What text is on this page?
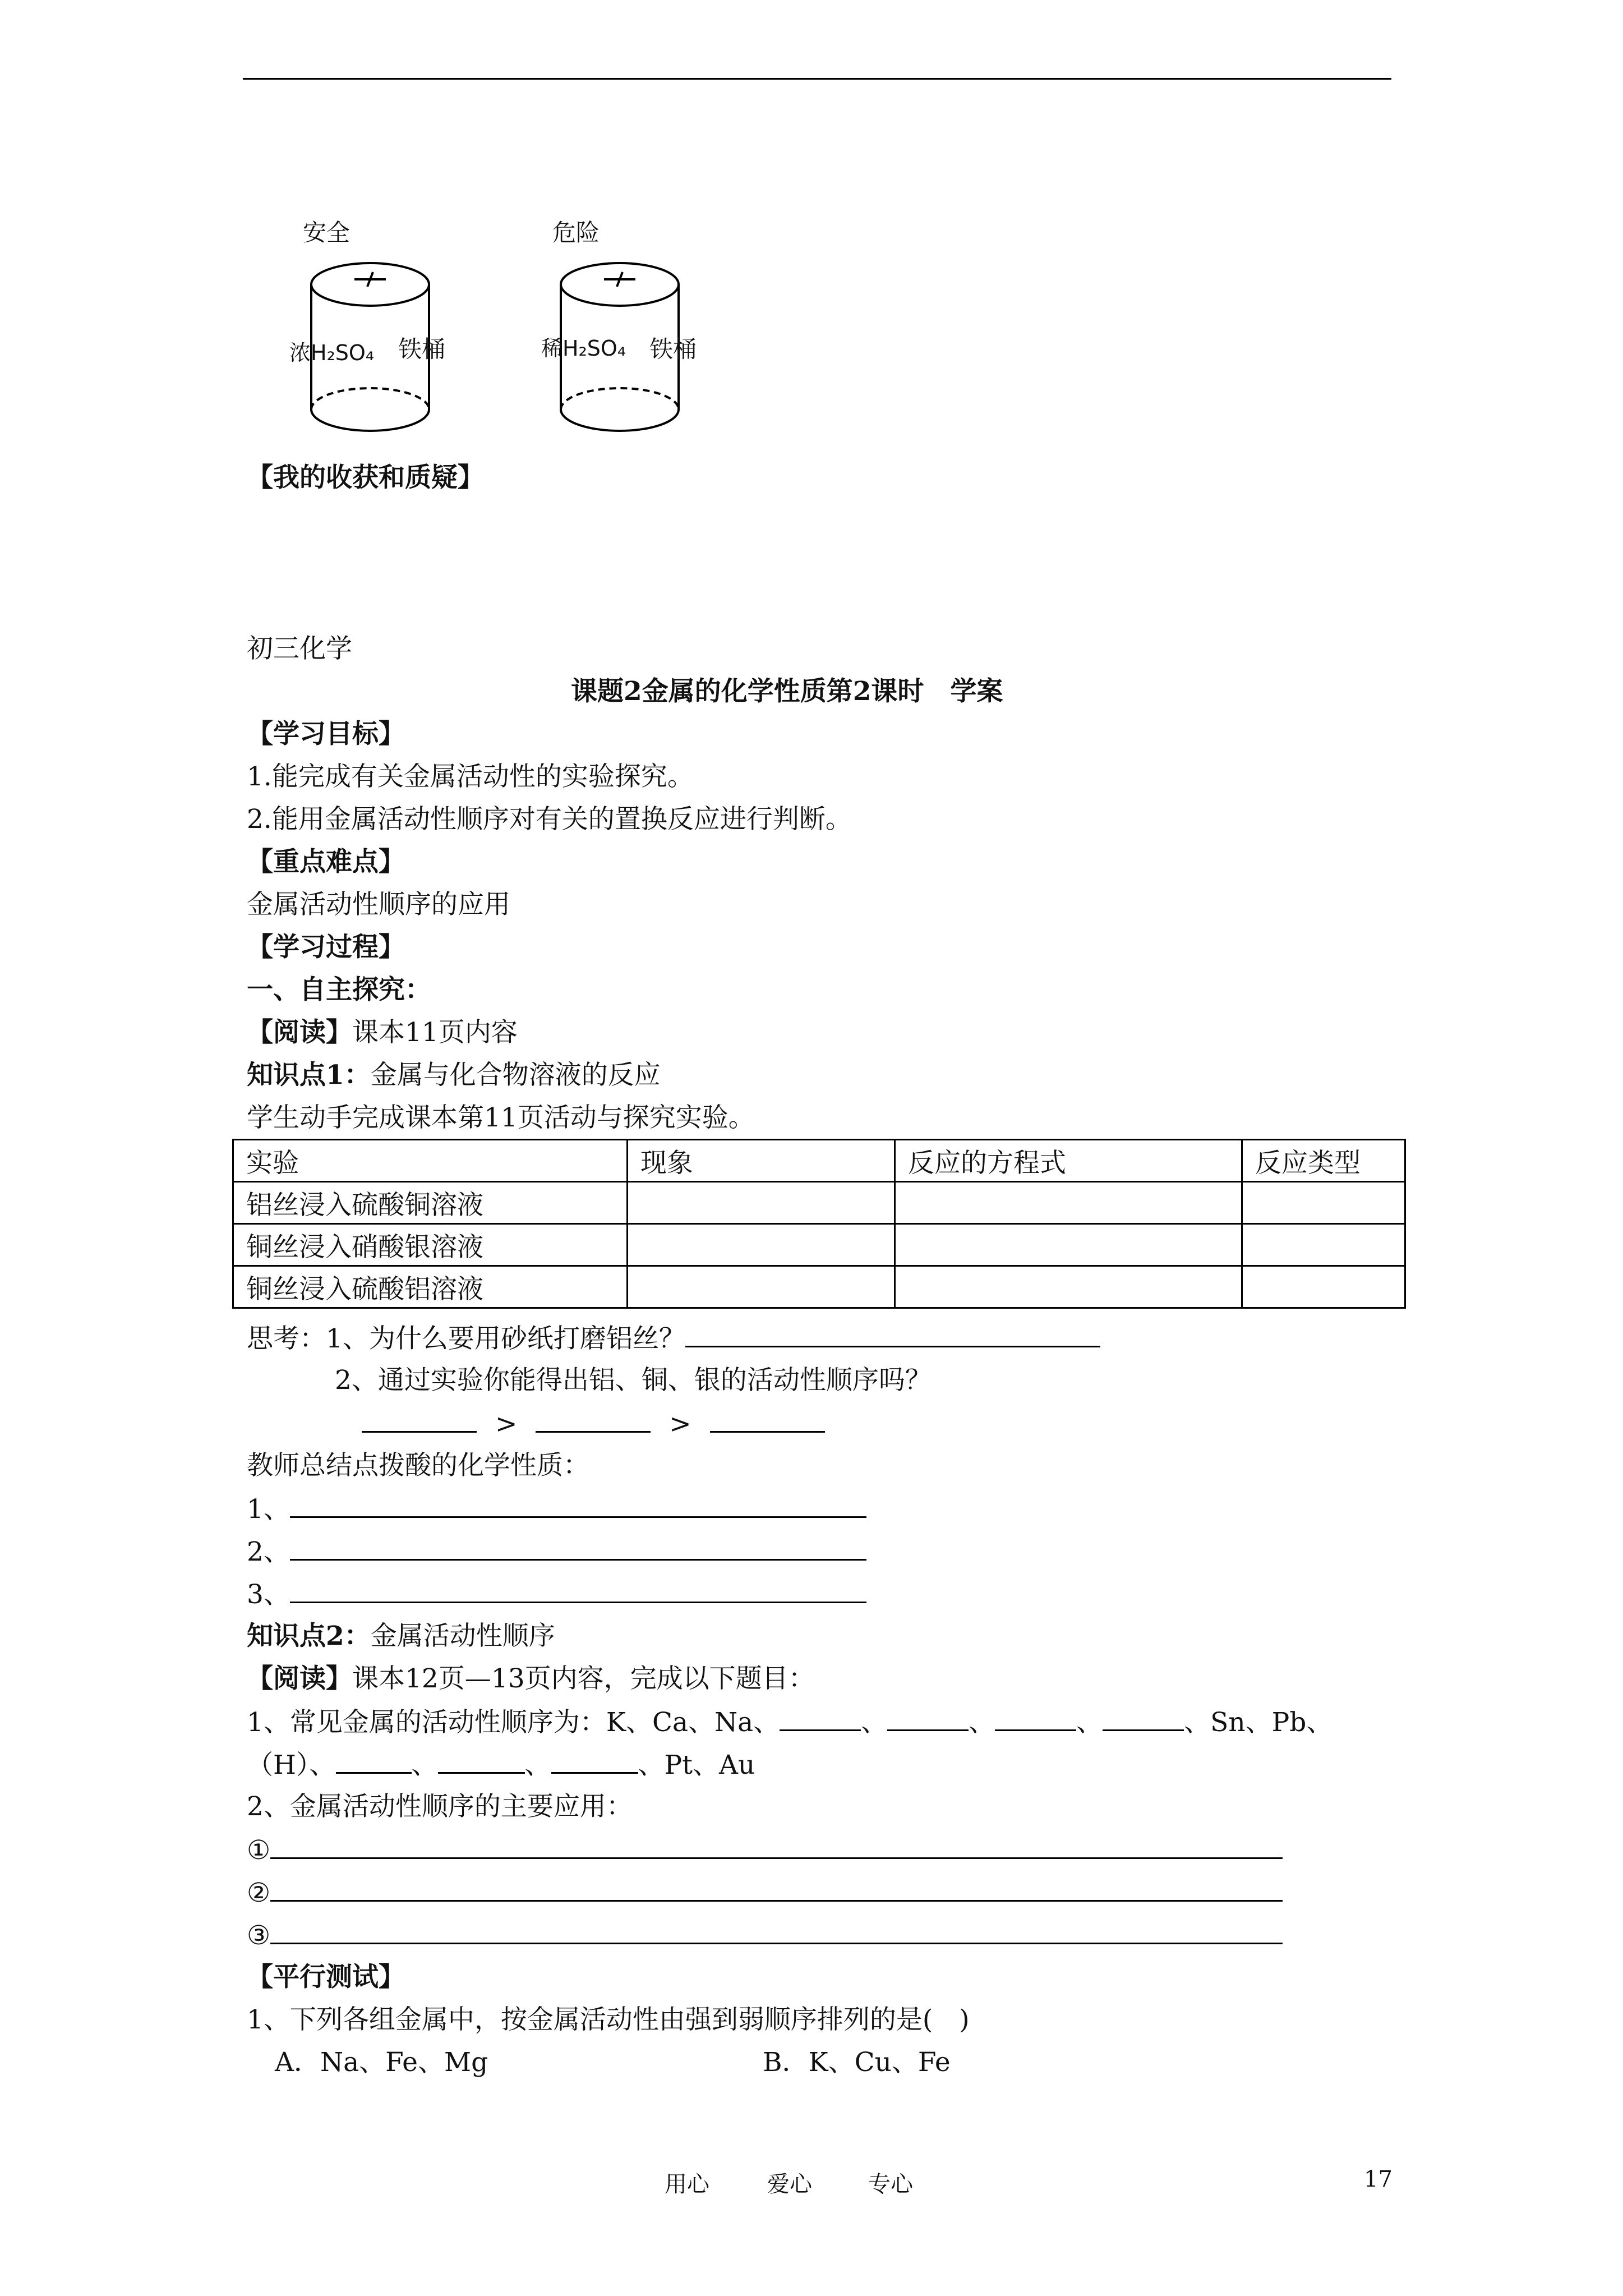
安全	危险
浓H₂SO₄	稀H₂SO₄
铁桶	铁桶
【我的收获和质疑】
初三化学
课题2金属的化学性质第2课时　学案
【学习目标】
1.能完成有关金属活动性的实验探究。
2.能用金属活动性顺序对有关的置换反应进行判断。
【重点难点】
金属活动性顺序的应用
【学习过程】
一、自主探究：
【阅读】课本11页内容
知识点1：金属与化合物溶液的反应
学生动手完成课本第11页活动与探究实验。
实验	现象	反应的方程式	反应类型
铝丝浸入硫酸铜溶液			
铜丝浸入硝酸银溶液			
铜丝浸入硫酸铝溶液			
思考：1、为什么要用砂纸打磨铝丝？
2、通过实验你能得出铝、铜、银的活动性顺序吗？
>	>
教师总结点拨酸的化学性质：
1、
2、
3、
知识点2：金属活动性顺序
【阅读】课本12页—13页内容，完成以下题目：
1、常见金属的活动性顺序为：K、Ca、Na、	、	、	、	、Sn、Pb、
（H）、	、	、	、Pt、Au
2、金属活动性顺序的主要应用：
①
②
③
【平行测试】
1、下列各组金属中，按金属活动性由强到弱顺序排列的是(　)
A．Na、Fe、Mg	B．K、Cu、Fe
用心	爱心	专心	17
